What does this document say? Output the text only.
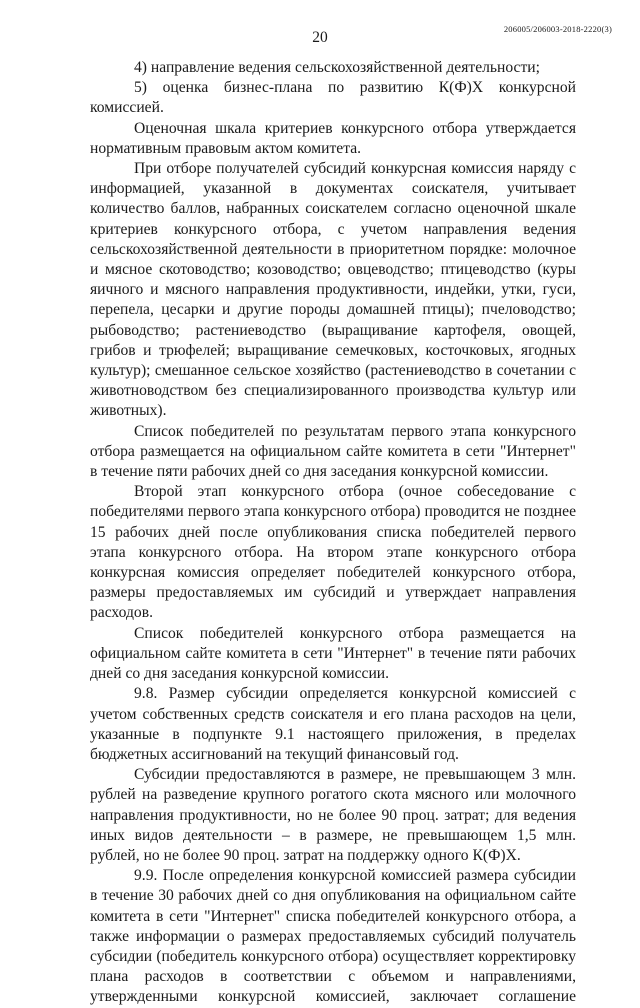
20	206005/206003-2018-2220(3)

4) направление ведения сельскохозяйственной деятельности;

5) оценка бизнес-плана по развитию К(Ф)Х конкурсной комиссией.

Оценочная шкала критериев конкурсного отбора утверждается нормативным правовым актом комитета.

При отборе получателей субсидий конкурсная комиссия наряду с информацией, указанной в документах соискателя, учитывает количество баллов, набранных соискателем согласно оценочной шкале критериев конкурсного отбора, с учетом направления ведения сельскохозяйственной деятельности в приоритетном порядке: молочное и мясное скотоводство; козоводство; овцеводство; птицеводство (куры яичного и мясного направления продуктивности, индейки, утки, гуси, перепела, цесарки и другие породы домашней птицы); пчеловодство; рыбоводство; растениеводство (выращивание картофеля, овощей, грибов и трюфелей; выращивание семечковых, косточковых, ягодных культур); смешанное сельское хозяйство (растениеводство в сочетании с животноводством без специализированного производства культур или животных).

Список победителей по результатам первого этапа конкурсного отбора размещается на официальном сайте комитета в сети "Интернет" в течение пяти рабочих дней со дня заседания конкурсной комиссии.

Второй этап конкурсного отбора (очное собеседование с победителями первого этапа конкурсного отбора) проводится не позднее 15 рабочих дней после опубликования списка победителей первого этапа конкурсного отбора. На втором этапе конкурсного отбора конкурсная комиссия определяет победителей конкурсного отбора, размеры предоставляемых им субсидий и утверждает направления расходов.

Список победителей конкурсного отбора размещается на официальном сайте комитета в сети "Интернет" в течение пяти рабочих дней со дня заседания конкурсной комиссии.

9.8. Размер субсидии определяется конкурсной комиссией с учетом собственных средств соискателя и его плана расходов на цели, указанные в подпункте 9.1 настоящего приложения, в пределах бюджетных ассигнований на текущий финансовый год.

Субсидии предоставляются в размере, не превышающем 3 млн. рублей на разведение крупного рогатого скота мясного или молочного направления продуктивности, но не более 90 проц. затрат; для ведения иных видов деятельности – в размере, не превышающем 1,5 млн. рублей, но не более 90 проц. затрат на поддержку одного К(Ф)Х.

9.9. После определения конкурсной комиссией размера субсидии в течение 30 рабочих дней со дня опубликования на официальном сайте комитета в сети "Интернет" списка победителей конкурсного отбора, а также информации о размерах предоставляемых субсидий получатель субсидии (победитель конкурсного отбора) осуществляет корректировку плана расходов в соответствии с объемом и направлениями, утвержденными конкурсной комиссией, заключает соглашение
